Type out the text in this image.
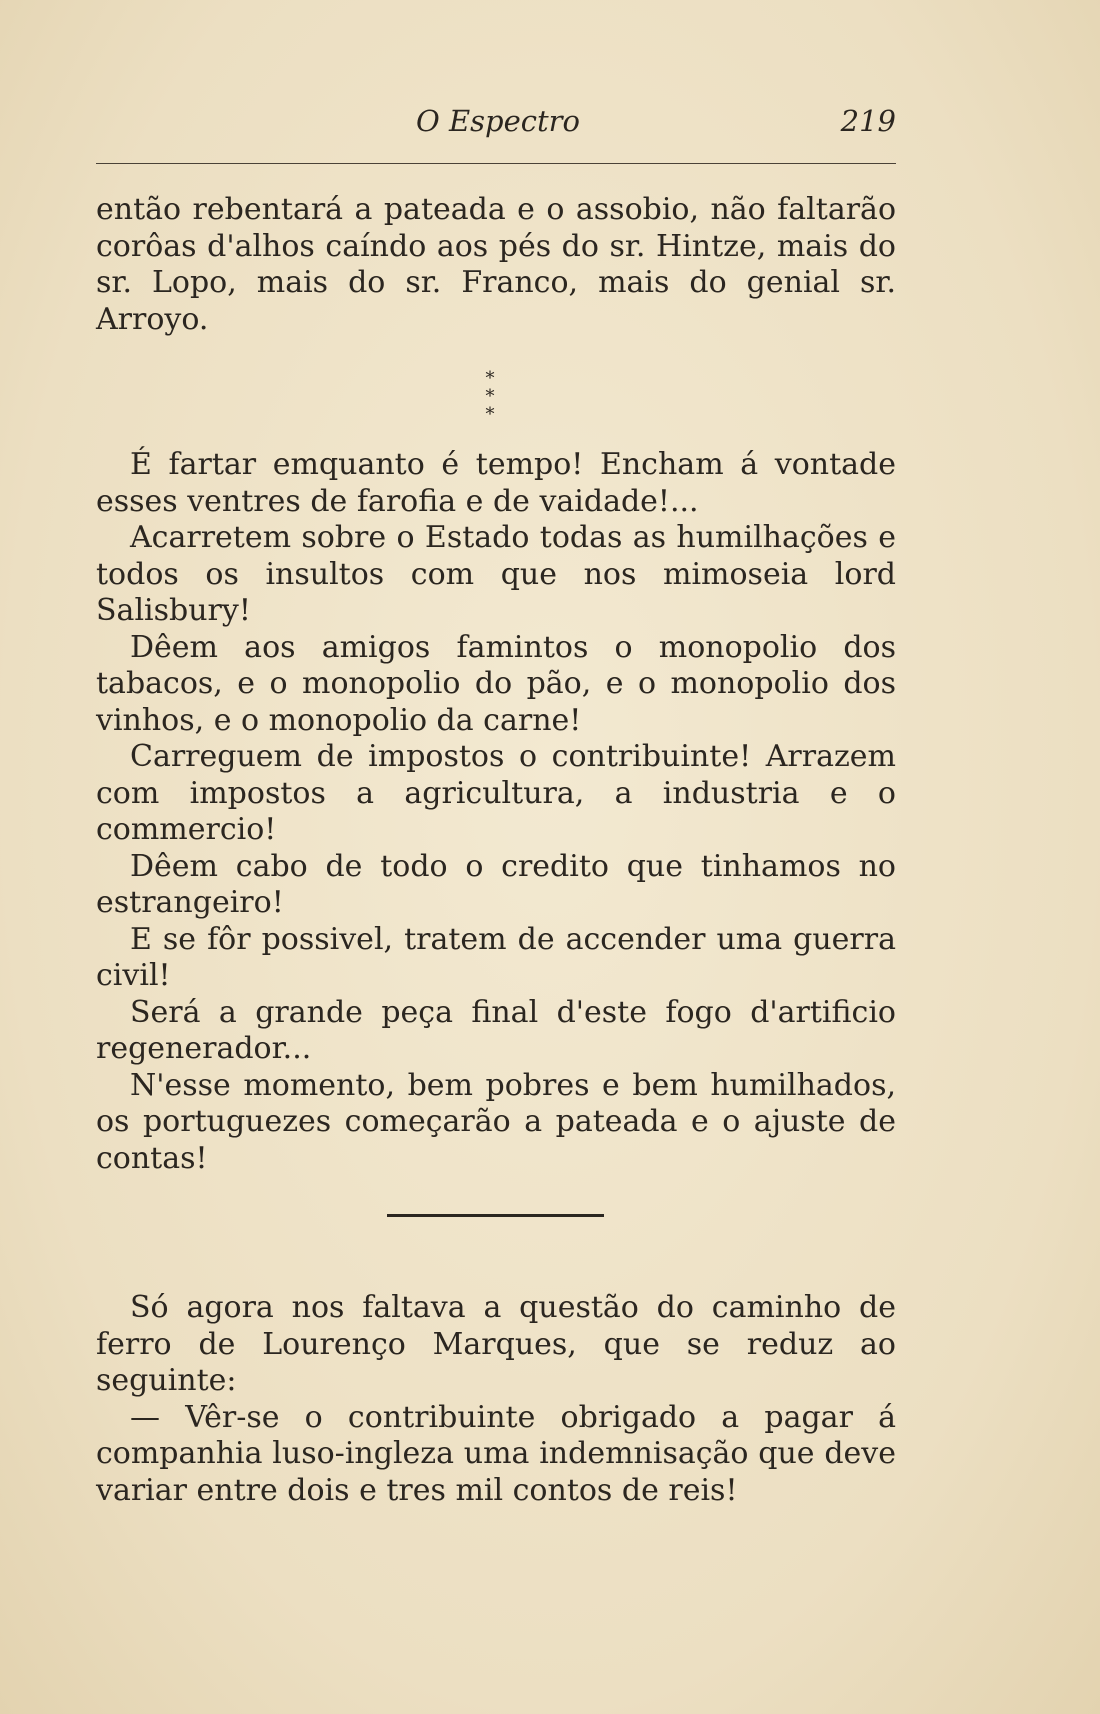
O Espectro	219

então rebentará a pateada e o assobio, não faltarão corôas d'alhos caíndo aos pés do sr. Hintze, mais do sr. Lopo, mais do sr. Franco, mais do genial sr. Arroyo.

*
* *

É fartar emquanto é tempo! Encham á vontade esses ventres de farofia e de vaidade!...

Acarretem sobre o Estado todas as humilhações e todos os insultos com que nos mimoseia lord Salisbury!

Dêem aos amigos famintos o monopolio dos tabacos, e o monopolio do pão, e o monopolio dos vinhos, e o monopolio da carne!

Carreguem de impostos o contribuinte! Arrazem com impostos a agricultura, a industria e o commercio!

Dêem cabo de todo o credito que tinhamos no estrangeiro!

E se fôr possivel, tratem de accender uma guerra civil!

Será a grande peça final d'este fogo d'artificio regenerador...

N'esse momento, bem pobres e bem humilhados, os portuguezes começarão a pateada e o ajuste de contas!

Só agora nos faltava a questão do caminho de ferro de Lourenço Marques, que se reduz ao seguinte:

— Vêr-se o contribuinte obrigado a pagar á companhia luso-ingleza uma indemnisação que deve variar entre dois e tres mil contos de reis!
